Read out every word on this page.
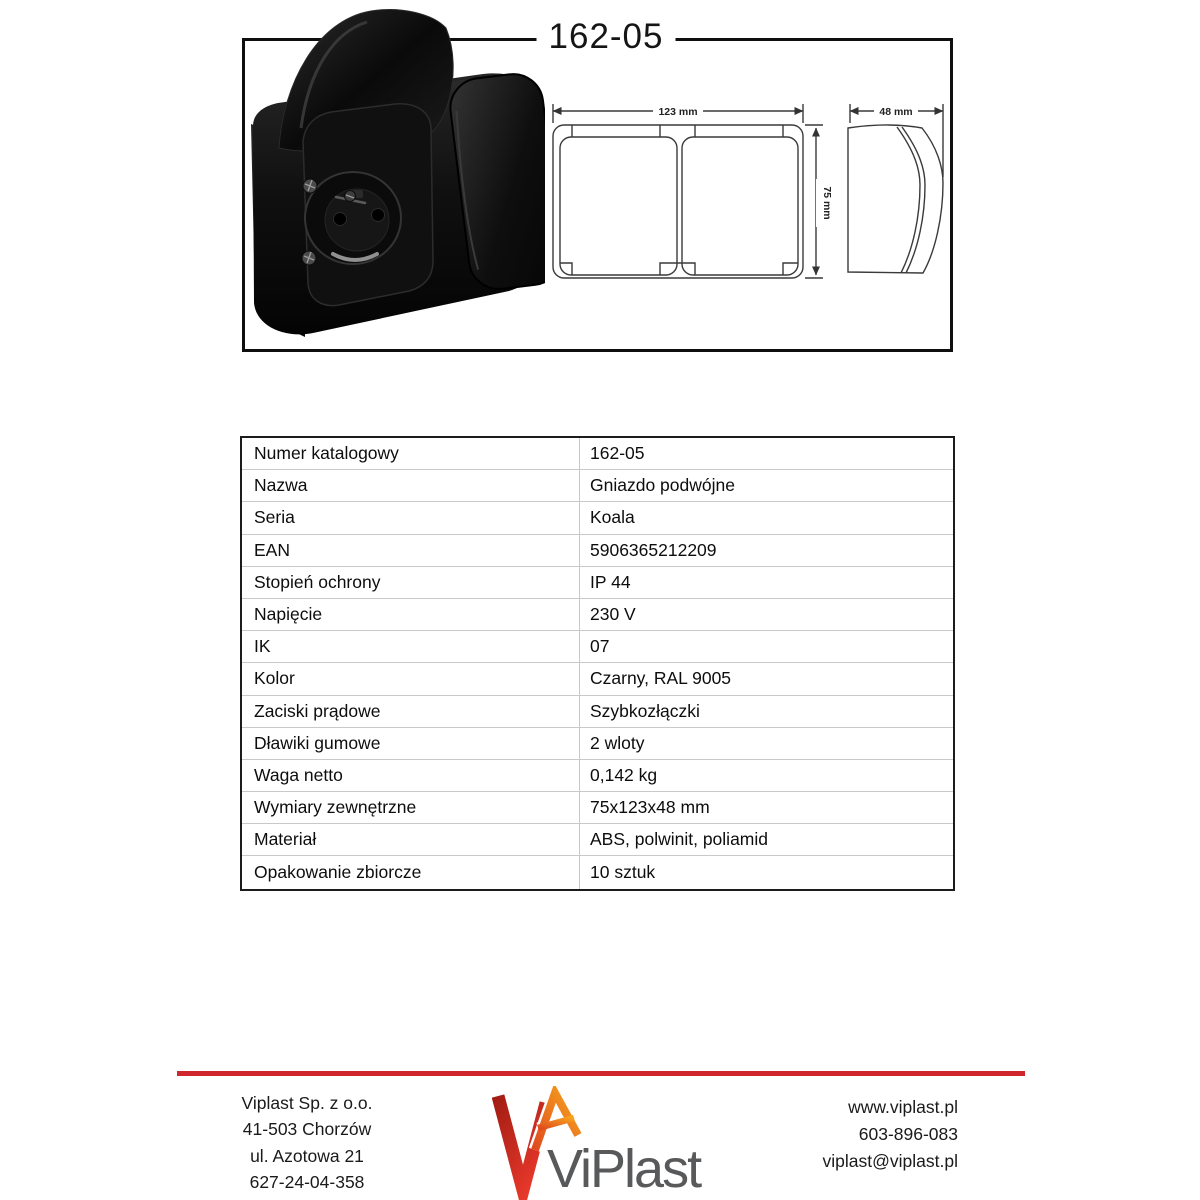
162-05
123 mm
75 mm
48 mm
Numer katalogowy	162-05
Nazwa	Gniazdo podwójne
Seria	Koala
EAN	5906365212209
Stopień ochrony	IP 44
Napięcie	230 V
IK	07
Kolor	Czarny, RAL 9005
Zaciski prądowe	Szybkozłączki
Dławiki gumowe	2 wloty
Waga netto	0,142 kg
Wymiary zewnętrzne	75x123x48 mm
Materiał	ABS, polwinit, poliamid
Opakowanie zbiorcze	10 sztuk
Viplast Sp. z o.o.
41-503 Chorzów
ul. Azotowa 21
627-24-04-358	ViPlast
www.viplast.pl
603-896-083
viplast@viplast.pl
